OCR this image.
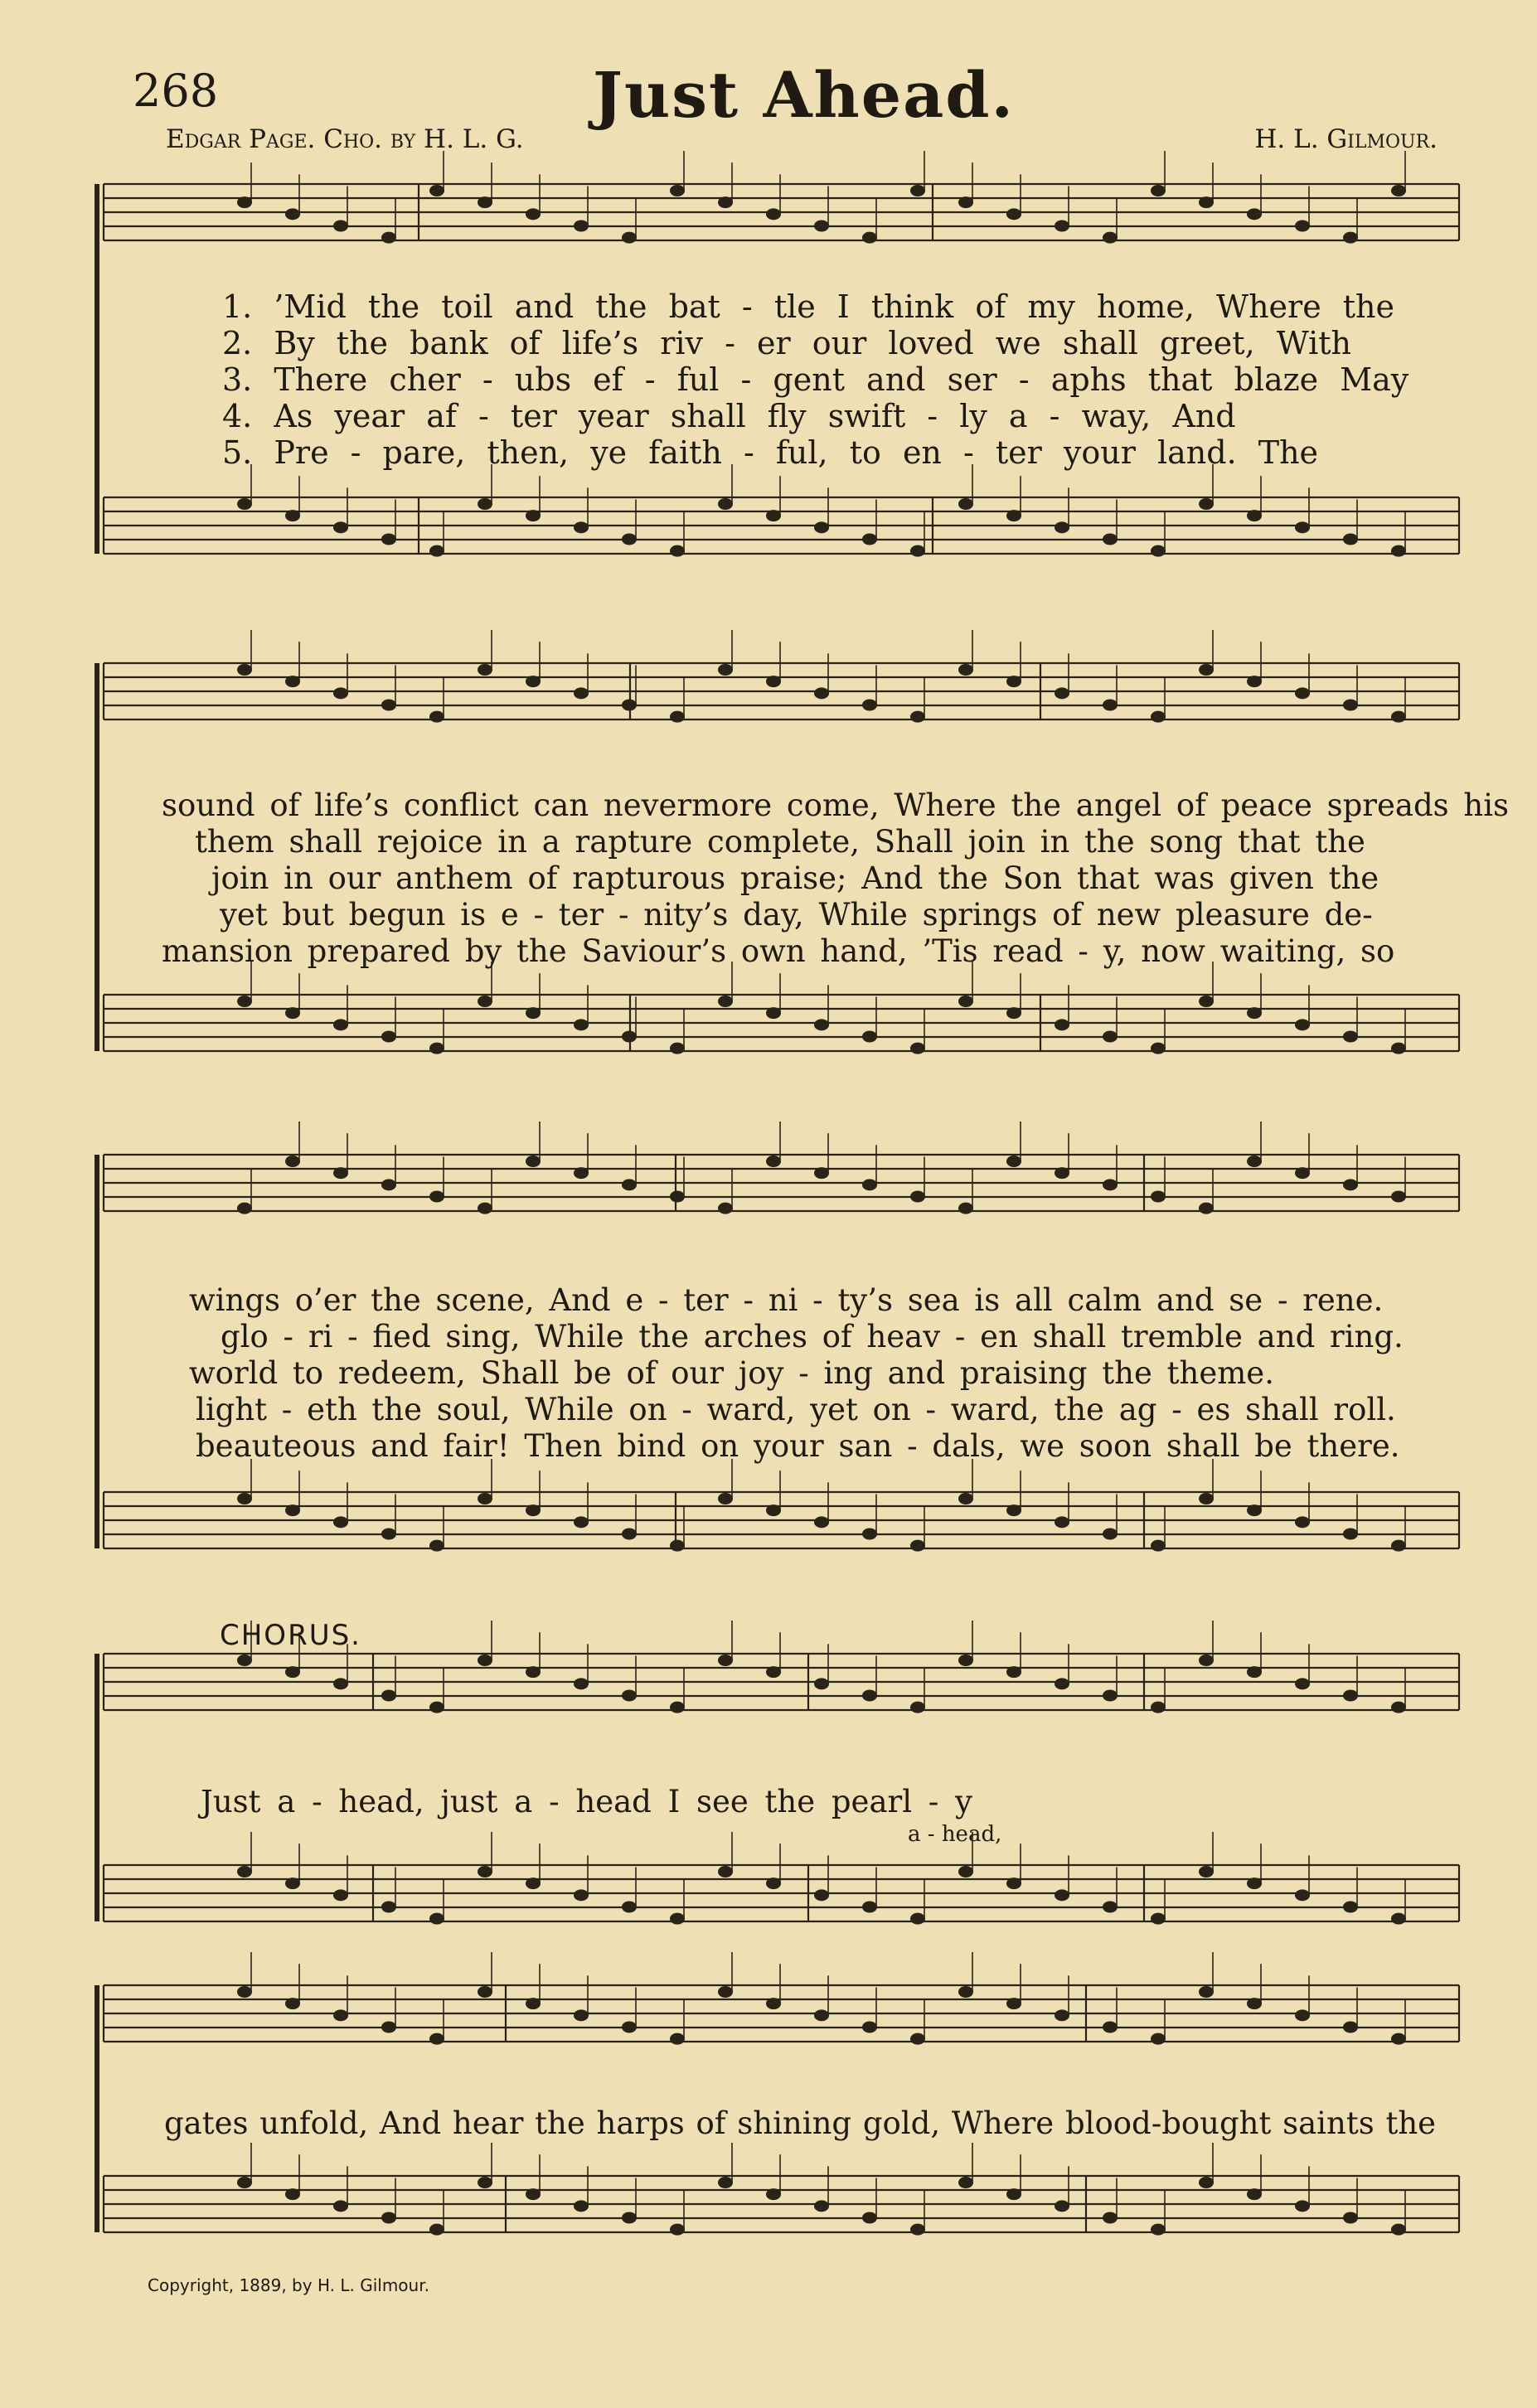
268	Just Ahead.
Edgar Page. Cho. by H. L. G.	H. L. Gilmour.
1. ’Mid the toil and the bat - tle I think of my home, Where the
2. By the bank of life’s riv - er our loved we shall greet, With
3. There cher - ubs ef - ful - gent and ser - aphs that blaze May
4. As year af - ter year shall fly swift - ly a - way, And
5. Pre - pare, then, ye faith - ful, to en - ter your land. The
sound of life’s conflict can nevermore come, Where the angel of peace spreads his
them shall rejoice in a rapture complete, Shall join in the song that the
join in our anthem of rapturous praise; And the Son that was given the
yet but begun is e - ter - nity’s day, While springs of new pleasure de-
mansion prepared by the Saviour’s own hand, ’Tis read - y, now waiting, so
wings o’er the scene, And e - ter - ni - ty’s sea is all calm and se - rene.
glo - ri - fied sing, While the arches of heav - en shall tremble and ring.
world to redeem, Shall be of our joy - ing and praising the theme.
light - eth the soul, While on - ward, yet on - ward, the ag - es shall roll.
beauteous and fair! Then bind on your san - dals, we soon shall be there.
CHORUS.
Just a - head, just a - head I see the pearl - y
a - head,
gates unfold, And hear the harps of shining gold, Where blood-bought saints the
Copyright, 1889, by H. L. Gilmour.
